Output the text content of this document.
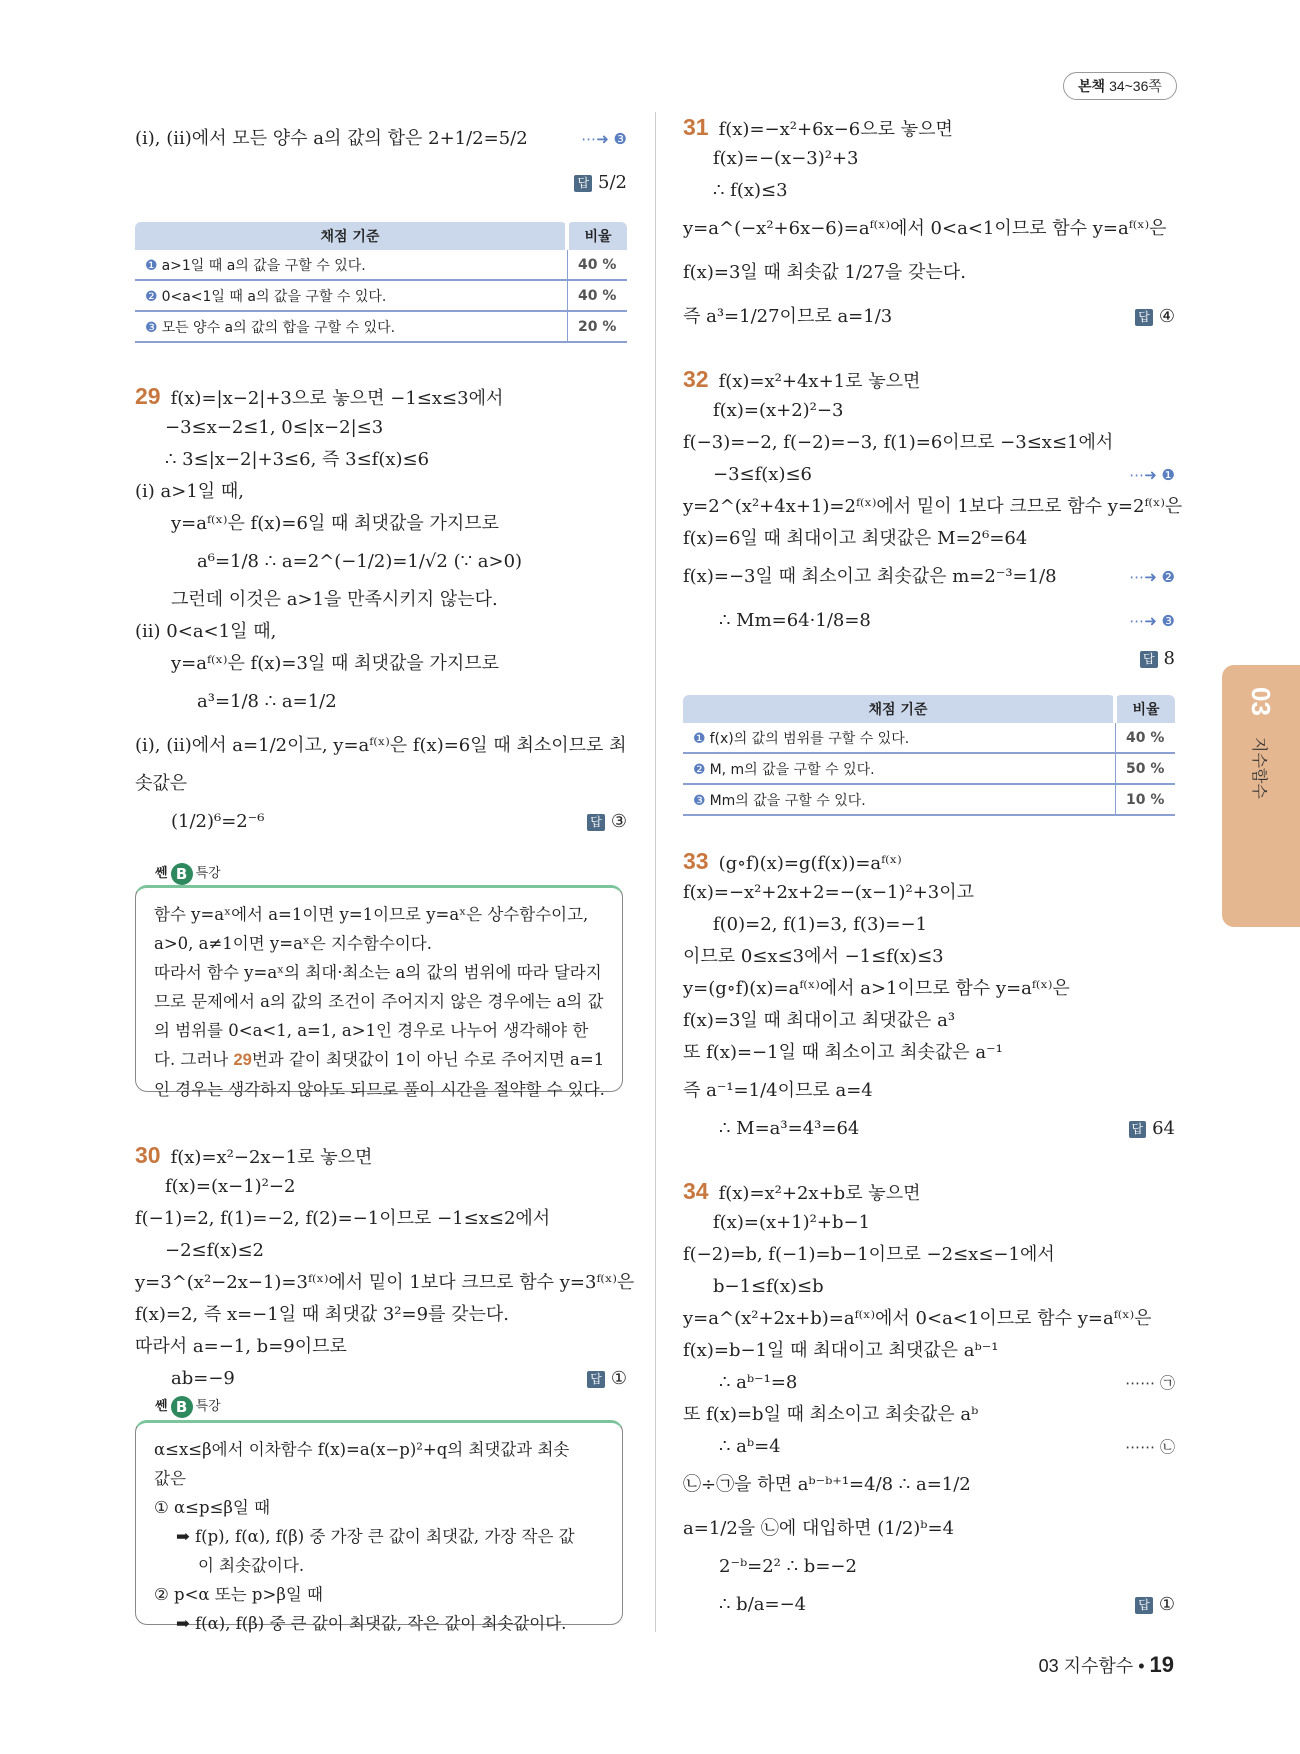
본책 34~36쪽
03
지수함수
(ⅰ), (ⅱ)에서 모든 양수 a의 값의 합은 2+1/2=5/2	⋯➜ ❸
답 5/2
채점 기준	비율
❶ a>1일 때 a의 값을 구할 수 있다.	40 %
❷ 0<a<1일 때 a의 값을 구할 수 있다.	40 %
❸ 모든 양수 a의 값의 합을 구할 수 있다.	20 %
29 f(x)=|x−2|+3으로 놓으면 −1≤x≤3에서
−3≤x−2≤1, 0≤|x−2|≤3
∴ 3≤|x−2|+3≤6, 즉 3≤f(x)≤6
(ⅰ) a>1일 때,
y=aᶠ⁽ˣ⁾은 f(x)=6일 때 최댓값을 가지므로
a⁶=1/8 ∴ a=2^(−1/2)=1/√2 (∵ a>0)
그런데 이것은 a>1을 만족시키지 않는다.
(ⅱ) 0<a<1일 때,
y=aᶠ⁽ˣ⁾은 f(x)=3일 때 최댓값을 가지므로
a³=1/8 ∴ a=1/2
(ⅰ), (ⅱ)에서 a=1/2이고, y=aᶠ⁽ˣ⁾은 f(x)=6일 때 최소이므로 최
솟값은
(1/2)⁶=2⁻⁶	답 ③
쎈 B 특강
함수 y=aˣ에서 a=1이면 y=1이므로 y=aˣ은 상수함수이고,
a>0, a≠1이면 y=aˣ은 지수함수이다.
따라서 함수 y=aˣ의 최대·최소는 a의 값의 범위에 따라 달라지
므로 문제에서 a의 값의 조건이 주어지지 않은 경우에는 a의 값
의 범위를 0<a<1, a=1, a>1인 경우로 나누어 생각해야 한
다. 그러나 29번과 같이 최댓값이 1이 아닌 수로 주어지면 a=1
인 경우는 생각하지 않아도 되므로 풀이 시간을 절약할 수 있다.
30 f(x)=x²−2x−1로 놓으면
f(x)=(x−1)²−2
f(−1)=2, f(1)=−2, f(2)=−1이므로 −1≤x≤2에서
−2≤f(x)≤2
y=3^(x²−2x−1)=3ᶠ⁽ˣ⁾에서 밑이 1보다 크므로 함수 y=3ᶠ⁽ˣ⁾은
f(x)=2, 즉 x=−1일 때 최댓값 3²=9를 갖는다.
따라서 a=−1, b=9이므로
ab=−9	답 ①
쎈 B 특강
α≤x≤β에서 이차함수 f(x)=a(x−p)²+q의 최댓값과 최솟
값은
① α≤p≤β일 때
➡ f(p), f(α), f(β) 중 가장 큰 값이 최댓값, 가장 작은 값
이 최솟값이다.
② p<α 또는 p>β일 때
➡ f(α), f(β) 중 큰 값이 최댓값, 작은 값이 최솟값이다.
31 f(x)=−x²+6x−6으로 놓으면
f(x)=−(x−3)²+3
∴ f(x)≤3
y=a^(−x²+6x−6)=aᶠ⁽ˣ⁾에서 0<a<1이므로 함수 y=aᶠ⁽ˣ⁾은
f(x)=3일 때 최솟값 1/27을 갖는다.
즉 a³=1/27이므로 a=1/3	답 ④
32 f(x)=x²+4x+1로 놓으면
f(x)=(x+2)²−3
f(−3)=−2, f(−2)=−3, f(1)=6이므로 −3≤x≤1에서
−3≤f(x)≤6	⋯➜ ❶
y=2^(x²+4x+1)=2ᶠ⁽ˣ⁾에서 밑이 1보다 크므로 함수 y=2ᶠ⁽ˣ⁾은
f(x)=6일 때 최대이고 최댓값은 M=2⁶=64
f(x)=−3일 때 최소이고 최솟값은 m=2⁻³=1/8	⋯➜ ❷
∴ Mm=64·1/8=8	⋯➜ ❸
답 8
채점 기준	비율
❶ f(x)의 값의 범위를 구할 수 있다.	40 %
❷ M, m의 값을 구할 수 있다.	50 %
❸ Mm의 값을 구할 수 있다.	10 %
33 (g∘f)(x)=g(f(x))=aᶠ⁽ˣ⁾
f(x)=−x²+2x+2=−(x−1)²+3이고
f(0)=2, f(1)=3, f(3)=−1
이므로 0≤x≤3에서 −1≤f(x)≤3
y=(g∘f)(x)=aᶠ⁽ˣ⁾에서 a>1이므로 함수 y=aᶠ⁽ˣ⁾은
f(x)=3일 때 최대이고 최댓값은 a³
또 f(x)=−1일 때 최소이고 최솟값은 a⁻¹
즉 a⁻¹=1/4이므로 a=4
∴ M=a³=4³=64	답 64
34 f(x)=x²+2x+b로 놓으면
f(x)=(x+1)²+b−1
f(−2)=b, f(−1)=b−1이므로 −2≤x≤−1에서
b−1≤f(x)≤b
y=a^(x²+2x+b)=aᶠ⁽ˣ⁾에서 0<a<1이므로 함수 y=aᶠ⁽ˣ⁾은
f(x)=b−1일 때 최대이고 최댓값은 aᵇ⁻¹
∴ aᵇ⁻¹=8	⋯⋯ ㉠
또 f(x)=b일 때 최소이고 최솟값은 aᵇ
∴ aᵇ=4	⋯⋯ ㉡
㉡÷㉠을 하면 aᵇ⁻ᵇ⁺¹=4/8 ∴ a=1/2
a=1/2을 ㉡에 대입하면 (1/2)ᵇ=4
2⁻ᵇ=2² ∴ b=−2
∴ b/a=−4	답 ①
03 지수함수 • 19
